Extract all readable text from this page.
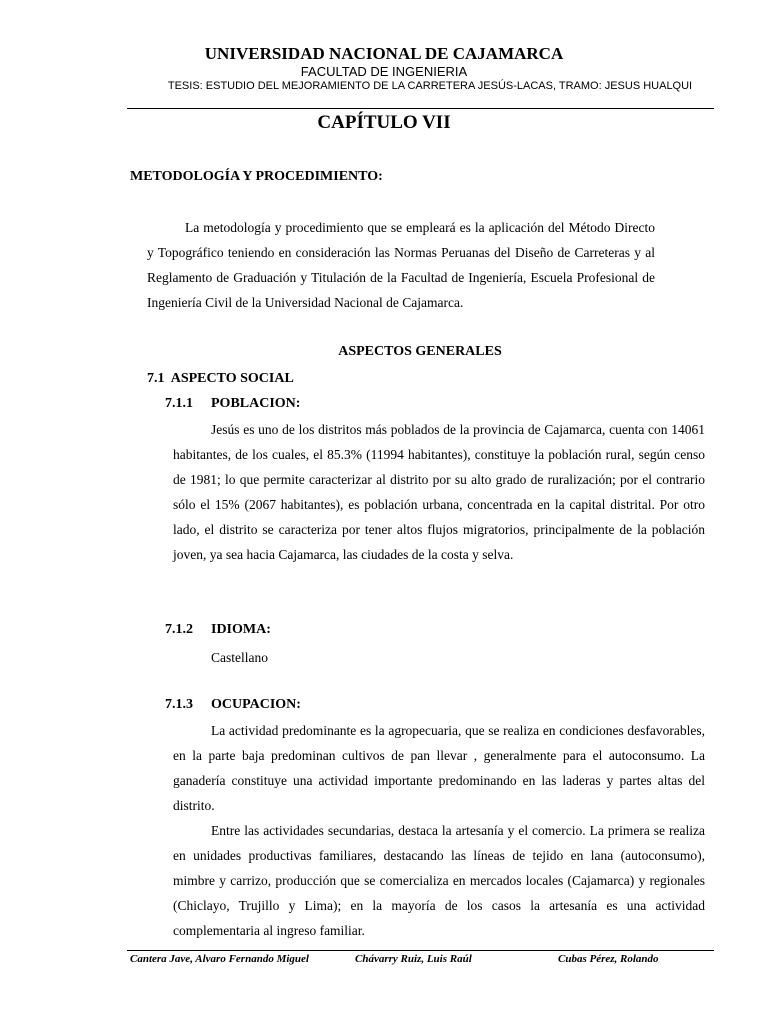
UNIVERSIDAD NACIONAL DE CAJAMARCA
FACULTAD DE INGENIERIA
TESIS: ESTUDIO DEL MEJORAMIENTO DE LA CARRETERA JESÚS-LACAS, TRAMO: JESUS HUALQUI
CAPÍTULO VII
METODOLOGÍA Y PROCEDIMIENTO:

La metodología y procedimiento que se empleará es la aplicación del Método Directo y Topográfico teniendo en consideración las Normas Peruanas del Diseño de Carreteras y al Reglamento de Graduación y Titulación de la Facultad de Ingeniería, Escuela Profesional de Ingeniería Civil de la Universidad Nacional de Cajamarca.

ASPECTOS GENERALES
7.1 ASPECTO SOCIAL
7.1.1 POBLACION:

Jesús es uno de los distritos más poblados de la provincia de Cajamarca, cuenta con 14061 habitantes, de los cuales, el 85.3% (11994 habitantes), constituye la población rural, según censo de 1981; lo que permite caracterizar al distrito por su alto grado de ruralización; por el contrario sólo el 15% (2067 habitantes), es población urbana, concentrada en la capital distrital. Por otro lado, el distrito se caracteriza por tener altos flujos migratorios, principalmente de la población joven, ya sea hacia Cajamarca, las ciudades de la costa y selva.

7.1.2 IDIOMA:

Castellano

7.1.3 OCUPACION:

La actividad predominante es la agropecuaria, que se realiza en condiciones desfavorables, en la parte baja predominan cultivos de pan llevar , generalmente para el autoconsumo. La ganadería constituye una actividad importante predominando en las laderas y partes altas del distrito.

Entre las actividades secundarias, destaca la artesanía y el comercio. La primera se realiza en unidades productivas familiares, destacando las líneas de tejido en lana (autoconsumo), mimbre y carrizo, producción que se comercializa en mercados locales (Cajamarca) y regionales (Chiclayo, Trujillo y Lima); en la mayoría de los casos la artesanía es una actividad complementaria al ingreso familiar.

Cantera Jave, Alvaro Fernando Miguel	Chávarry Ruiz, Luis Raúl	Cubas Pérez, Rolando
